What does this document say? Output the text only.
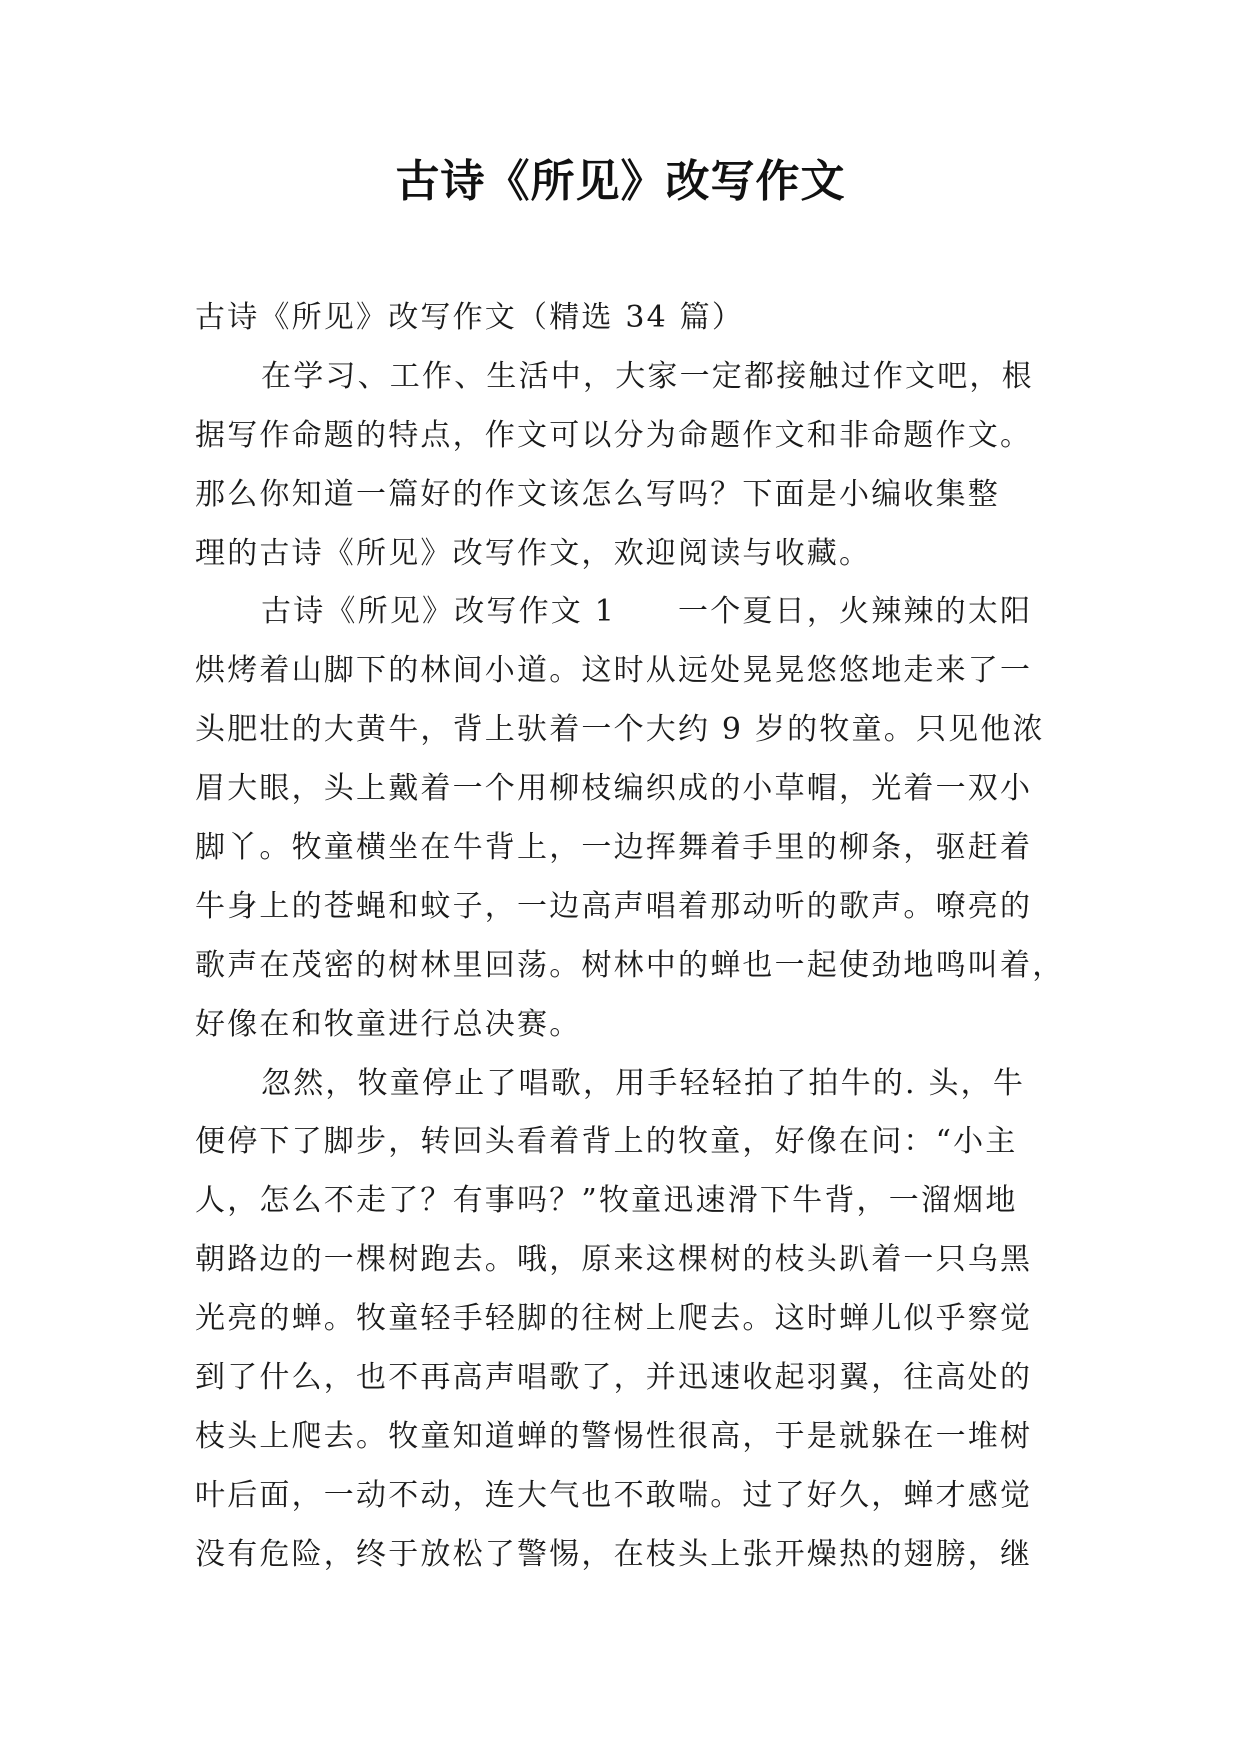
古诗《所见》改写作文
古诗《所见》改写作文（精选 34 篇）
在学习、工作、生活中，大家一定都接触过作文吧，根
据写作命题的特点，作文可以分为命题作文和非命题作文。
那么你知道一篇好的作文该怎么写吗？下面是小编收集整
理的古诗《所见》改写作文，欢迎阅读与收藏。
古诗《所见》改写作文 1 一个夏日，火辣辣的太阳
烘烤着山脚下的林间小道。这时从远处晃晃悠悠地走来了一
头肥壮的大黄牛，背上驮着一个大约 9 岁的牧童。只见他浓
眉大眼，头上戴着一个用柳枝编织成的小草帽，光着一双小
脚丫。牧童横坐在牛背上，一边挥舞着手里的柳条，驱赶着
牛身上的苍蝇和蚊子，一边高声唱着那动听的歌声。嘹亮的
歌声在茂密的树林里回荡。树林中的蝉也一起使劲地鸣叫着，
好像在和牧童进行总决赛。
忽然，牧童停止了唱歌，用手轻轻拍了拍牛的. 头，牛
便停下了脚步，转回头看着背上的牧童，好像在问：“小主
人，怎么不走了？有事吗？”牧童迅速滑下牛背，一溜烟地
朝路边的一棵树跑去。哦，原来这棵树的枝头趴着一只乌黑
光亮的蝉。牧童轻手轻脚的往树上爬去。这时蝉儿似乎察觉
到了什么，也不再高声唱歌了，并迅速收起羽翼，往高处的
枝头上爬去。牧童知道蝉的警惕性很高，于是就躲在一堆树
叶后面，一动不动，连大气也不敢喘。过了好久，蝉才感觉
没有危险，终于放松了警惕，在枝头上张开燥热的翅膀，继
